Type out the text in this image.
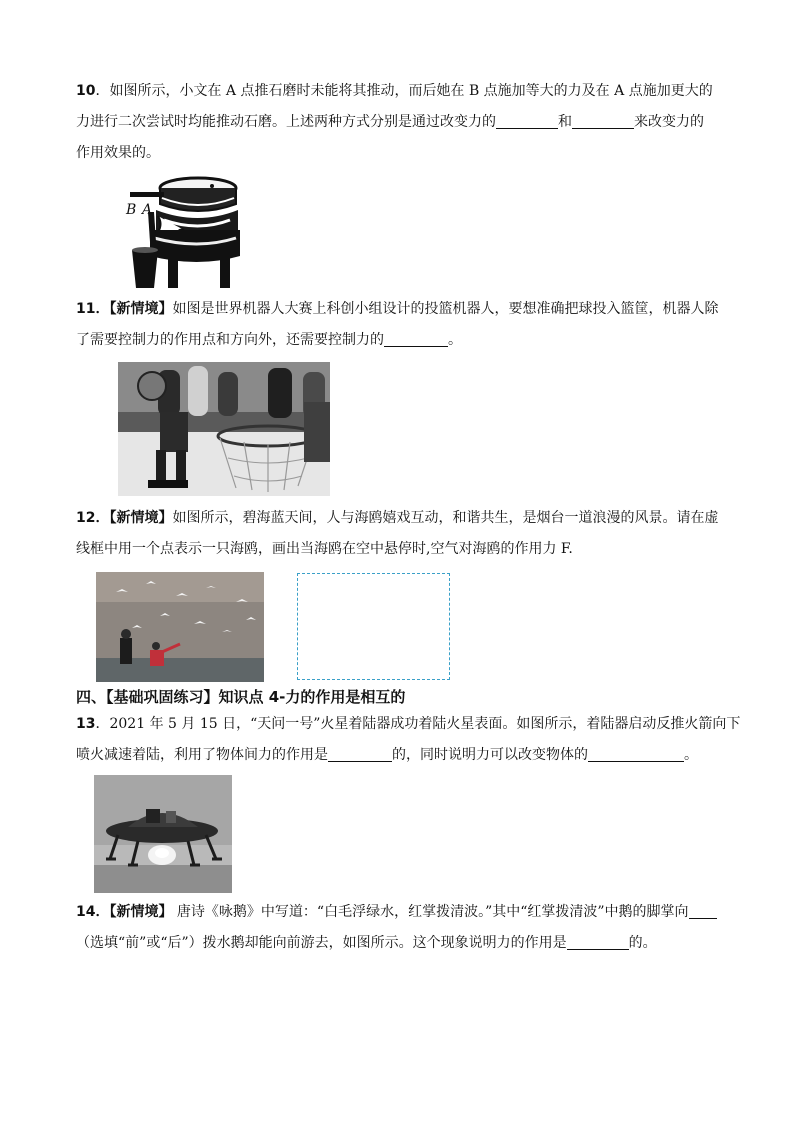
10．如图所示，小文在 A 点推石磨时未能将其推动，而后她在 B 点施加等大的力及在 A 点施加更大的
力进行二次尝试时均能推动石磨。上述两种方式分别是通过改变力的	和	来改变力的
作用效果的。
B A
11．【新情境】如图是世界机器人大赛上科创小组设计的投篮机器人，要想准确把球投入篮筐，机器人除
了需要控制力的作用点和方向外，还需要控制力的	。
12．【新情境】如图所示，碧海蓝天间，人与海鸥嬉戏互动，和谐共生，是烟台一道浪漫的风景。请在虚
线框中用一个点表示一只海鸥，画出当海鸥在空中悬停时,空气对海鸥的作用力 F.
四、【基础巩固练习】知识点 4-力的作用是相互的
13．2021 年 5 月 15 日，“天问一号”火星着陆器成功着陆火星表面。如图所示，着陆器启动反推火箭向下
喷火减速着陆，利用了物体间力的作用是	的，同时说明力可以改变物体的	。
14．【新情境】 唐诗《咏鹅》中写道：“白毛浮绿水，红掌拨清波。”其中“红掌拨清波”中鹅的脚掌向
（选填“前”或“后”）拨水鹅却能向前游去，如图所示。这个现象说明力的作用是	的。
